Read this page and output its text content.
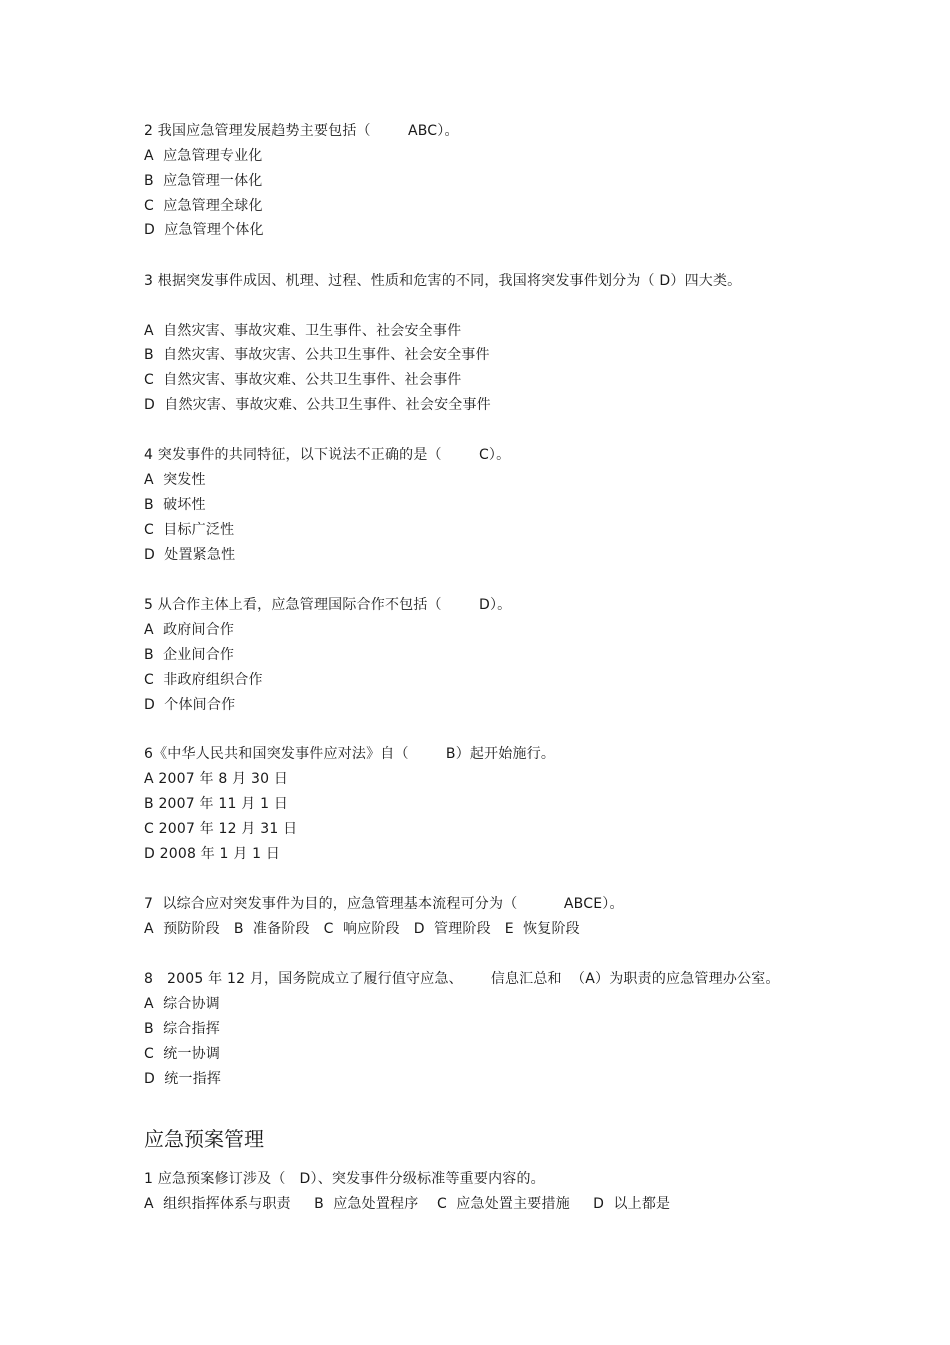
2 我国应急管理发展趋势主要包括（        ABC）。
A  应急管理专业化
B  应急管理一体化
C  应急管理全球化
D  应急管理个体化
3 根据突发事件成因、机理、过程、性质和危害的不同，我国将突发事件划分为（ D）四大类。
A  自然灾害、事故灾难、卫生事件、社会安全事件
B  自然灾害、事故灾害、公共卫生事件、社会安全事件
C  自然灾害、事故灾难、公共卫生事件、社会事件
D  自然灾害、事故灾难、公共卫生事件、社会安全事件
4 突发事件的共同特征，以下说法不正确的是（        C）。
A  突发性
B  破坏性
C  目标广泛性
D  处置紧急性
5 从合作主体上看，应急管理国际合作不包括（        D）。
A  政府间合作
B  企业间合作
C  非政府组织合作
D  个体间合作
6《中华人民共和国突发事件应对法》自（        B）起开始施行。
A 2007 年 8 月 30 日
B 2007 年 11 月 1 日
C 2007 年 12 月 31 日
D 2008 年 1 月 1 日
7  以综合应对突发事件为目的，应急管理基本流程可分为（          ABCE）。
A  预防阶段   B  准备阶段   C  响应阶段   D  管理阶段   E  恢复阶段
8   2005 年 12 月，国务院成立了履行值守应急、      信息汇总和  （A）为职责的应急管理办公室。
A  综合协调
B  综合指挥
C  统一协调
D  统一指挥
应急预案管理
1 应急预案修订涉及（   D）、突发事件分级标准等重要内容的。
A  组织指挥体系与职责     B  应急处置程序    C  应急处置主要措施     D  以上都是
